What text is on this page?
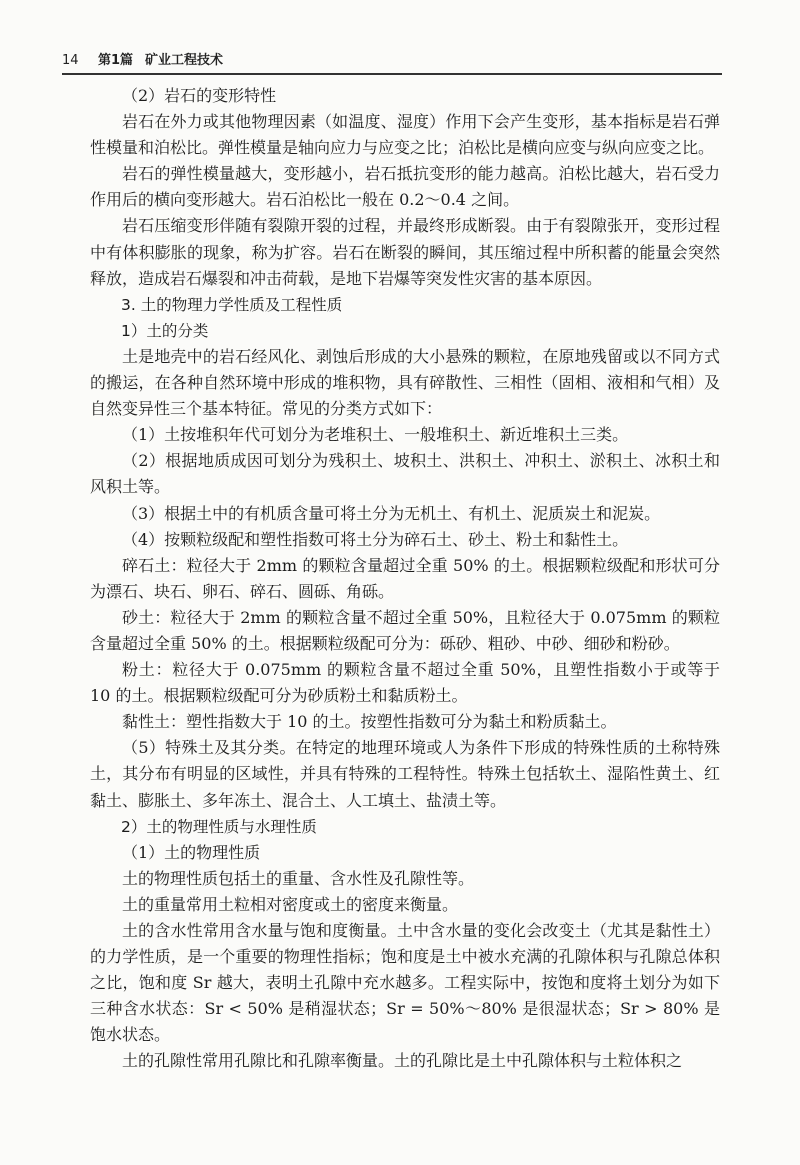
14 第1篇 矿业工程技术

（2）岩石的变形特性

岩石在外力或其他物理因素（如温度、湿度）作用下会产生变形，基本指标是岩石弹性模量和泊松比。弹性模量是轴向应力与应变之比；泊松比是横向应变与纵向应变之比。

岩石的弹性模量越大，变形越小，岩石抵抗变形的能力越高。泊松比越大，岩石受力作用后的横向变形越大。岩石泊松比一般在 0.2～0.4 之间。

岩石压缩变形伴随有裂隙开裂的过程，并最终形成断裂。由于有裂隙张开，变形过程中有体积膨胀的现象，称为扩容。岩石在断裂的瞬间，其压缩过程中所积蓄的能量会突然释放，造成岩石爆裂和冲击荷载，是地下岩爆等突发性灾害的基本原因。

3. 土的物理力学性质及工程性质

1）土的分类

土是地壳中的岩石经风化、剥蚀后形成的大小悬殊的颗粒，在原地残留或以不同方式的搬运，在各种自然环境中形成的堆积物，具有碎散性、三相性（固相、液相和气相）及自然变异性三个基本特征。常见的分类方式如下：

（1）土按堆积年代可划分为老堆积土、一般堆积土、新近堆积土三类。

（2）根据地质成因可划分为残积土、坡积土、洪积土、冲积土、淤积土、冰积土和风积土等。

（3）根据土中的有机质含量可将土分为无机土、有机土、泥质炭土和泥炭。

（4）按颗粒级配和塑性指数可将土分为碎石土、砂土、粉土和黏性土。

碎石土：粒径大于 2mm 的颗粒含量超过全重 50% 的土。根据颗粒级配和形状可分为漂石、块石、卵石、碎石、圆砾、角砾。

砂土：粒径大于 2mm 的颗粒含量不超过全重 50%，且粒径大于 0.075mm 的颗粒含量超过全重 50% 的土。根据颗粒级配可分为：砾砂、粗砂、中砂、细砂和粉砂。

粉土：粒径大于 0.075mm 的颗粒含量不超过全重 50%，且塑性指数小于或等于 10 的土。根据颗粒级配可分为砂质粉土和黏质粉土。

黏性土：塑性指数大于 10 的土。按塑性指数可分为黏土和粉质黏土。

（5）特殊土及其分类。在特定的地理环境或人为条件下形成的特殊性质的土称特殊土，其分布有明显的区域性，并具有特殊的工程特性。特殊土包括软土、湿陷性黄土、红黏土、膨胀土、多年冻土、混合土、人工填土、盐渍土等。

2）土的物理性质与水理性质

（1）土的物理性质

土的物理性质包括土的重量、含水性及孔隙性等。

土的重量常用土粒相对密度或土的密度来衡量。

土的含水性常用含水量与饱和度衡量。土中含水量的变化会改变土（尤其是黏性土）的力学性质，是一个重要的物理性指标；饱和度是土中被水充满的孔隙体积与孔隙总体积之比，饱和度 Sr 越大，表明土孔隙中充水越多。工程实际中，按饱和度将土划分为如下三种含水状态：Sr < 50% 是稍湿状态；Sr = 50%～80% 是很湿状态；Sr > 80% 是饱水状态。

土的孔隙性常用孔隙比和孔隙率衡量。土的孔隙比是土中孔隙体积与土粒体积之
